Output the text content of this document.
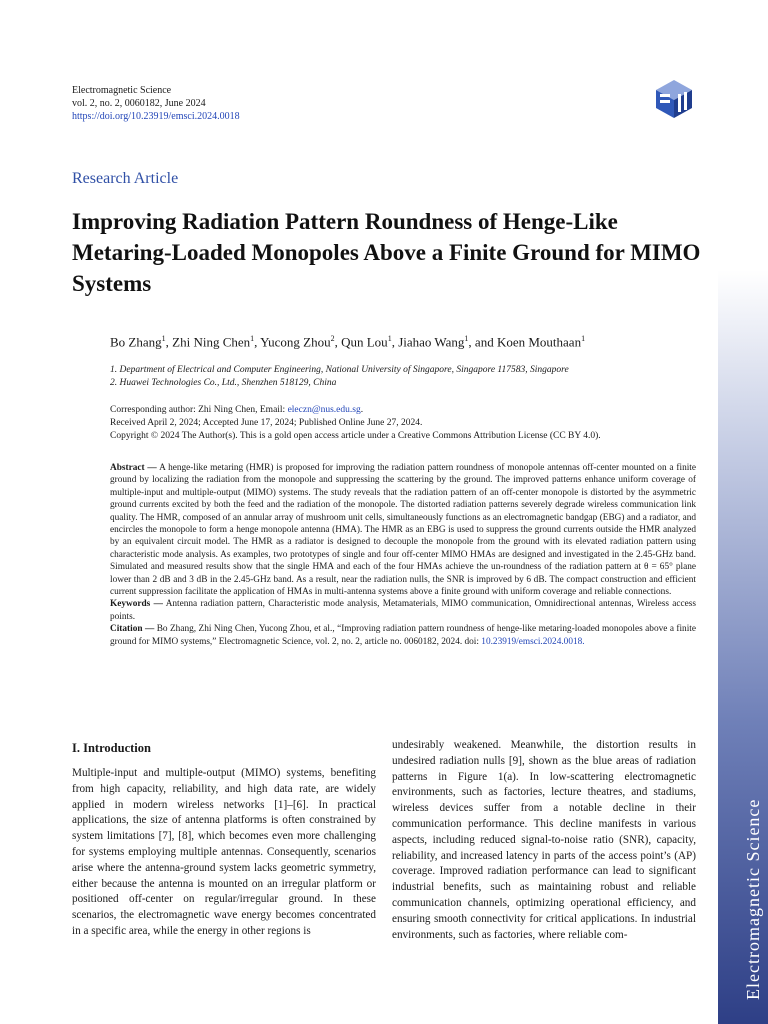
Electromagnetic Science
Electromagnetic Science
vol. 2, no. 2, 0060182, June 2024
https://doi.org/10.23919/emsci.2024.0018
Research Article
Improving Radiation Pattern Roundness of Henge-Like Metaring-Loaded Monopoles Above a Finite Ground for MIMO Systems
Bo Zhang$^1$, Zhi Ning Chen$^1$, Yucong Zhou$^2$, Qun Lou$^1$, Jiahao Wang$^1$, and Koen Mouthaan$^1$
1. Department of Electrical and Computer Engineering, National University of Singapore, Singapore 117583, Singapore
2. Huawei Technologies Co., Ltd., Shenzhen 518129, China
Corresponding author: Zhi Ning Chen, Email: eleczn@nus.edu.sg.
Received April 2, 2024; Accepted June 17, 2024; Published Online June 27, 2024.
Copyright © 2024 The Author(s). This is a gold open access article under a Creative Commons Attribution License (CC BY 4.0).

Abstract — A henge-like metaring (HMR) is proposed for improving the radiation pattern roundness of monopole antennas off-center mounted on a finite ground by localizing the radiation from the monopole and suppressing the scattering by the ground. The improved patterns enhance uniform coverage of multiple-input and multiple-output (MIMO) systems. The study reveals that the radiation pattern of an off-center monopole is distorted by the asymmetric ground currents excited by both the feed and the radiation of the monopole. The distorted radiation patterns severely degrade wireless communication link quality. The HMR, composed of an annular array of mushroom unit cells, simultaneously functions as an electromagnetic bandgap (EBG) and a radiator, and encircles the monopole to form a henge monopole antenna (HMA). The HMR as an EBG is used to suppress the ground currents outside the HMR analyzed by an equivalent circuit model. The HMR as a radiator is designed to decouple the monopole from the ground with its elevated radiation pattern using characteristic mode analysis. As examples, two prototypes of single and four off-center MIMO HMAs are designed and investigated in the 2.45-GHz band. Simulated and measured results show that the single HMA and each of the four HMAs achieve the un-roundness of the radiation pattern at θ = 65° plane lower than 2 dB and 3 dB in the 2.45-GHz band. As a result, near the radiation nulls, the SNR is improved by 6 dB. The compact construction and efficient current suppression facilitate the application of HMAs in multi-antenna systems above a finite ground with uniform coverage and reliable connections.

Keywords — Antenna radiation pattern, Characteristic mode analysis, Metamaterials, MIMO communication, Omnidirectional antennas, Wireless access points.

Citation — Bo Zhang, Zhi Ning Chen, Yucong Zhou, et al., “Improving radiation pattern roundness of henge-like metaring-loaded monopoles above a finite ground for MIMO systems,” Electromagnetic Science, vol. 2, no. 2, article no. 0060182, 2024. doi: 10.23919/emsci.2024.0018.

I. Introduction

Multiple-input and multiple-output (MIMO) systems, benefiting from high capacity, reliability, and high data rate, are widely applied in modern wireless networks [1]–[6]. In practical applications, the size of antenna platforms is often constrained by system limitations [7], [8], which becomes even more challenging for systems employing multiple antennas. Consequently, scenarios arise where the antenna-ground system lacks geometric symmetry, either because the antenna is mounted on an irregular platform or positioned off-center on regular/irregular ground. In these scenarios, the electromagnetic wave energy becomes concentrated in a specific area, while the energy in other regions is

undesirably weakened. Meanwhile, the distortion results in undesired radiation nulls [9], shown as the blue areas of radiation patterns in Figure 1(a). In low-scattering electromagnetic environments, such as factories, lecture theatres, and stadiums, wireless devices suffer from a notable decline in their communication performance. This decline manifests in various aspects, including reduced signal-to-noise ratio (SNR), capacity, reliability, and increased latency in parts of the access point’s (AP) coverage. Improved radiation performance can lead to significant industrial benefits, such as maintaining robust and reliable communication channels, optimizing operational efficiency, and ensuring smooth connectivity for critical applications. In industrial environments, such as factories, where reliable com-
